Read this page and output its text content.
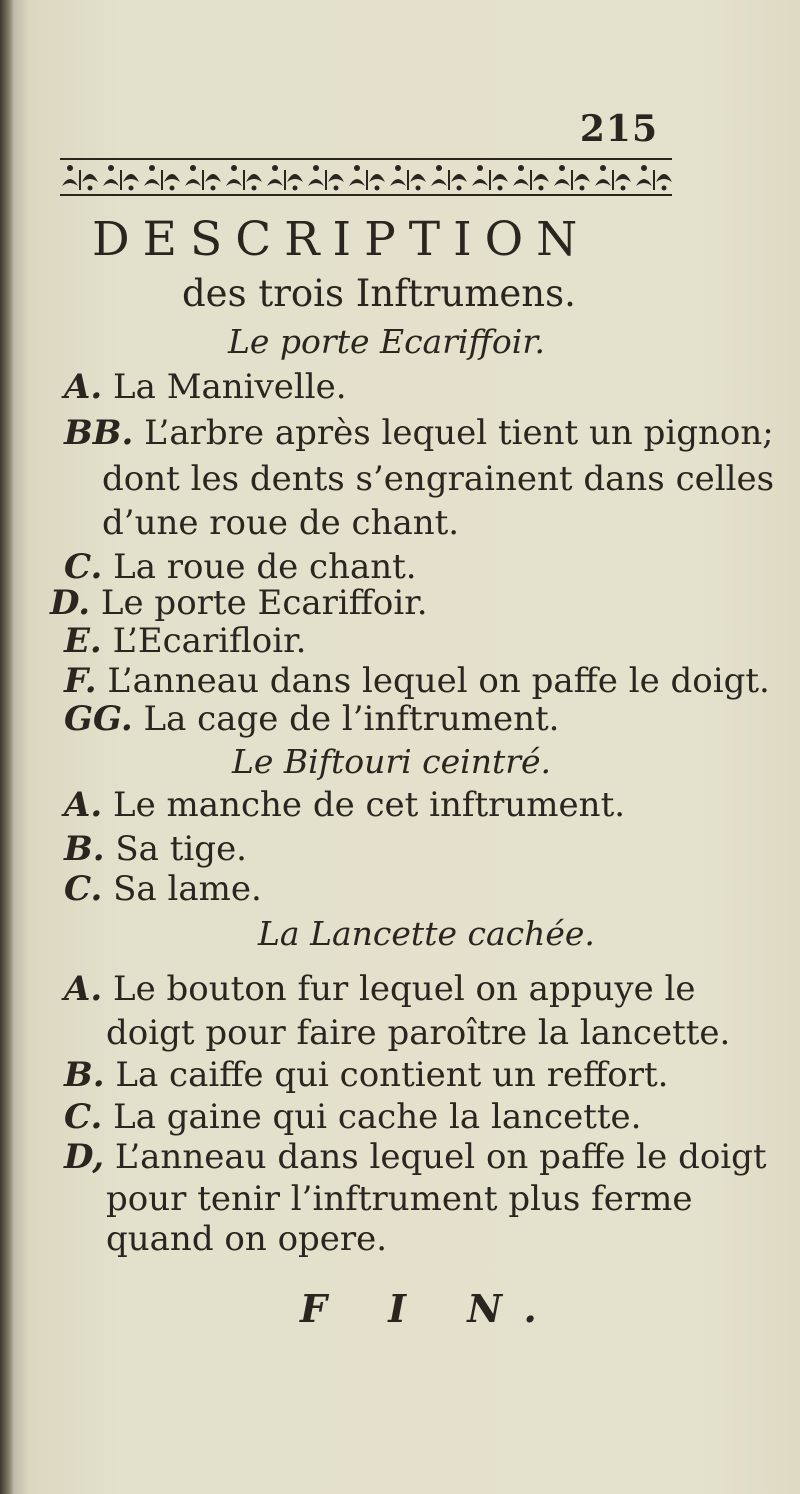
215
DESCRIPTION
des trois Inftrumens.
Le porte Ecariffoir.
A. La Manivelle.
BB. L’arbre après lequel tient un pignon;
dont les dents s’engrainent dans celles
d’une roue de chant.
C. La roue de chant.
D. Le porte Ecariffoir.
E. L’Ecarifloir.
F. L’anneau dans lequel on paffe le doigt.
GG. La cage de l’inftrument.
Le Biftouri ceintré.
A. Le manche de cet inftrument.
B. Sa tige.
C. Sa lame.
La Lancette cachée.
A. Le bouton fur lequel on appuye le
doigt pour faire paroître la lancette.
B. La caiffe qui contient un reffort.
C. La gaine qui cache la lancette.
D, L’anneau dans lequel on paffe le doigt
pour tenir l’inftrument plus ferme
quand on opere.
F I N.
